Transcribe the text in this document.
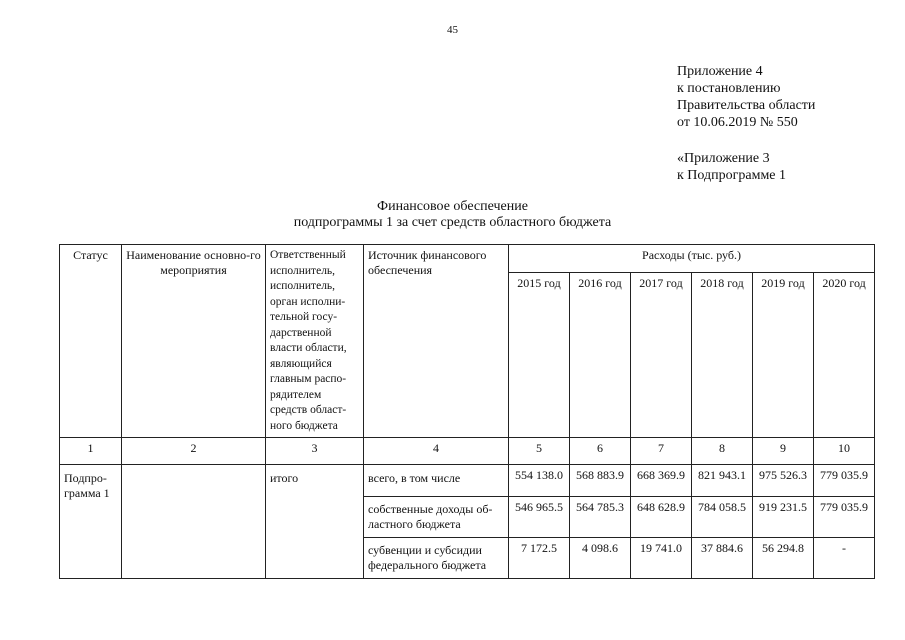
45
Приложение 4
к постановлению
Правительства области
от 10.06.2019 № 550
«Приложение 3
к Подпрограмме 1
Финансовое обеспечение
подпрограммы 1 за счет средств областного бюджета
Статус	Наименование основно-го мероприятия	Ответственный исполнитель, исполнитель, орган исполни-тельной госу-дарственной власти области, являющийся главным распо-рядителем средств област-ного бюджета	Источник финансового обеспечения	Расходы (тыс. руб.)					
				2015 год	2016 год	2017 год	2018 год	2019 год	2020 год
1	2	3	4	5	6	7	8	9	10
Подпро-грамма 1		итого	всего, в том числе	554 138.0	568 883.9	668 369.9	821 943.1	975 526.3	779 035.9
			собственные доходы об-ластного бюджета	546 965.5	564 785.3	648 628.9	784 058.5	919 231.5	779 035.9
			субвенции и субсидии федерального бюджета	7 172.5	4 098.6	19 741.0	37 884.6	56 294.8	-
